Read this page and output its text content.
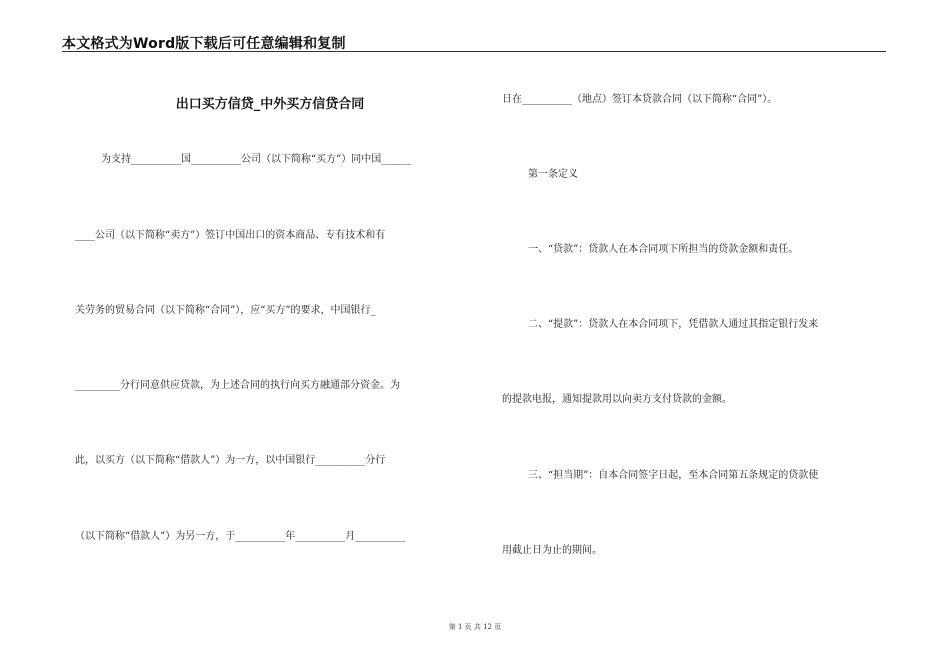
本文格式为Word版下载后可任意编辑和复制
出口买方信贷_中外买方信贷合同
为支持__________国__________公司（以下简称“买方”）同中国______
____公司（以下简称“卖方”）签订中国出口的资本商品、专有技术和有
关劳务的贸易合同（以下简称“合同”），应“买方”的要求，中国银行_
_________分行同意供应贷款，为上述合同的执行向买方融通部分资金。为
此，以买方（以下简称“借款人”）为一方，以中国银行__________分行
（以下简称“借款人”）为另一方，于__________年__________月__________
日在__________（地点）签订本贷款合同（以下简称“合同”）。
第一条定义
一、“贷款”：贷款人在本合同项下所担当的贷款金额和责任。
二、“提款”：贷款人在本合同项下，凭借款人通过其指定银行发来
的提款电报，通知提款用以向卖方支付贷款的金额。
三、“担当期”：自本合同签字日起，至本合同第五条规定的贷款使
用截止日为止的期间。
第 1 页 共 12 页
